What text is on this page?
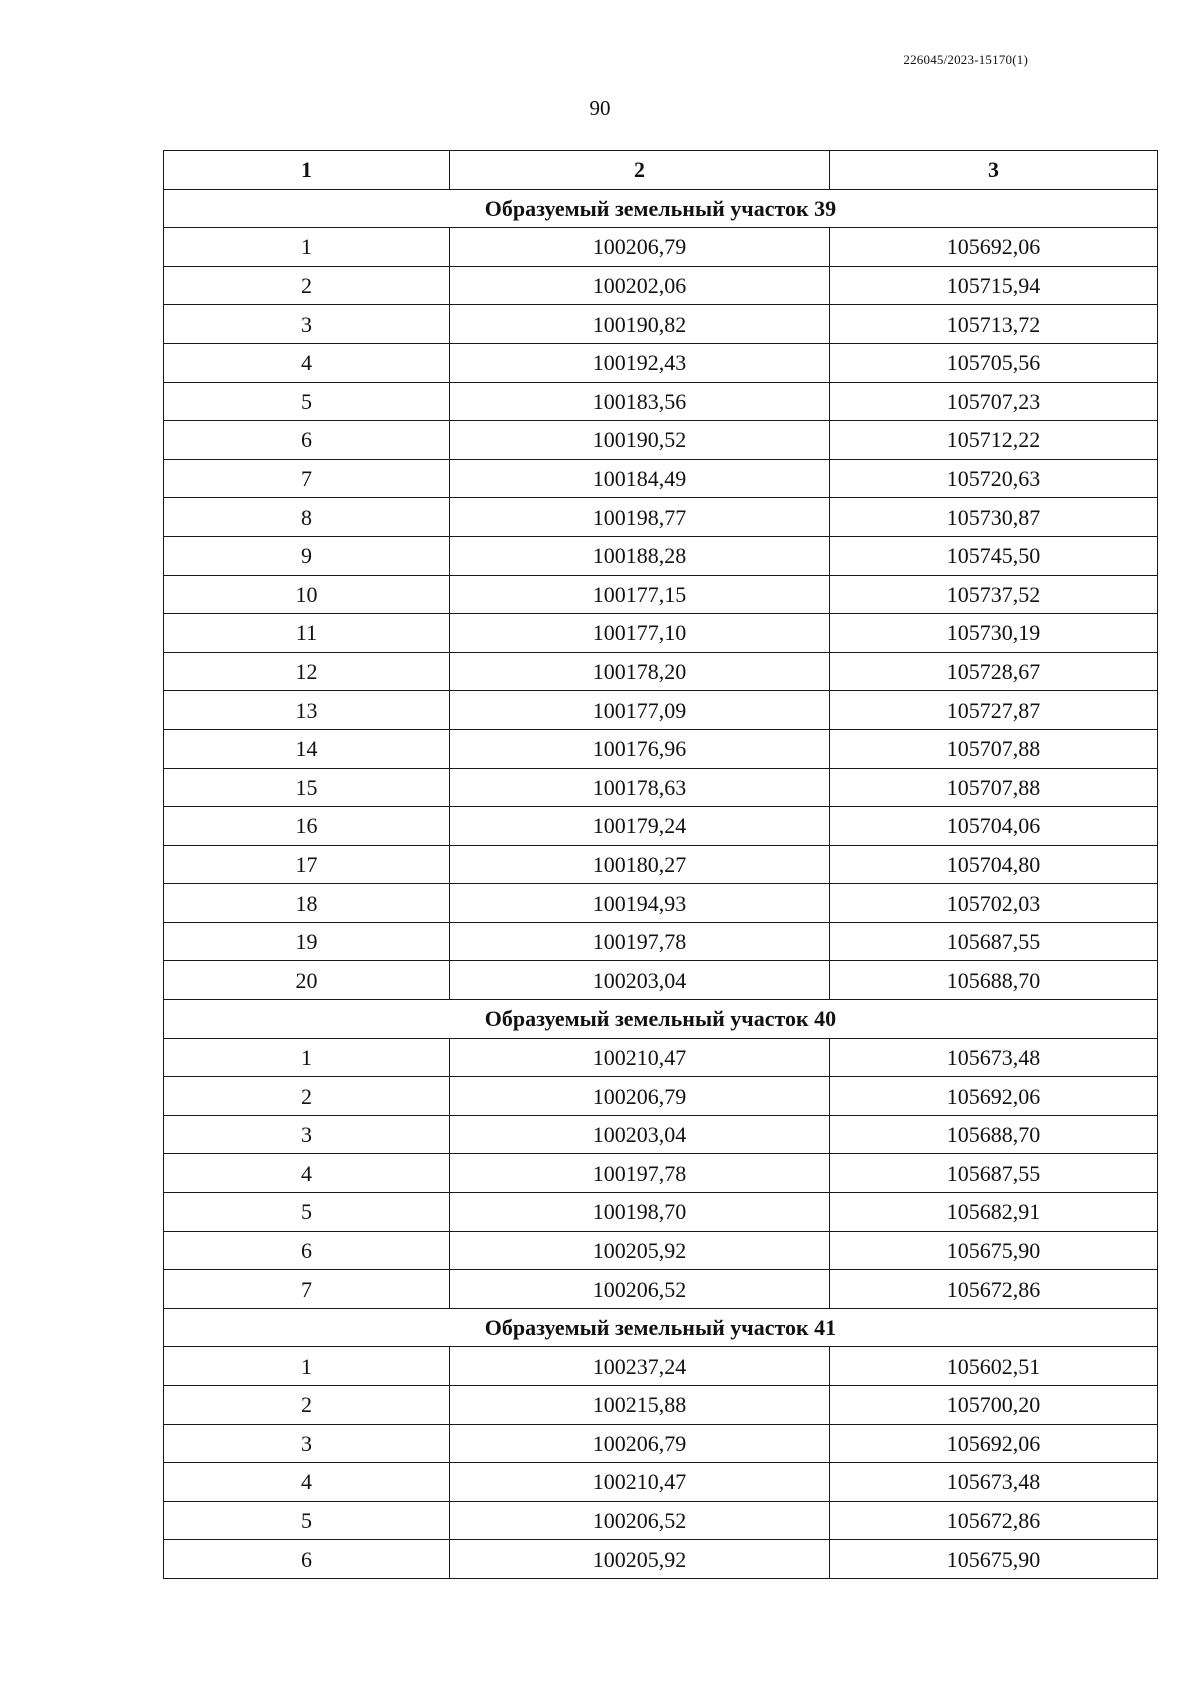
226045/2023-15170(1)
90
1	2	3
Образуемый земельный участок 39		
1	100206,79	105692,06
2	100202,06	105715,94
3	100190,82	105713,72
4	100192,43	105705,56
5	100183,56	105707,23
6	100190,52	105712,22
7	100184,49	105720,63
8	100198,77	105730,87
9	100188,28	105745,50
10	100177,15	105737,52
11	100177,10	105730,19
12	100178,20	105728,67
13	100177,09	105727,87
14	100176,96	105707,88
15	100178,63	105707,88
16	100179,24	105704,06
17	100180,27	105704,80
18	100194,93	105702,03
19	100197,78	105687,55
20	100203,04	105688,70
Образуемый земельный участок 40		
1	100210,47	105673,48
2	100206,79	105692,06
3	100203,04	105688,70
4	100197,78	105687,55
5	100198,70	105682,91
6	100205,92	105675,90
7	100206,52	105672,86
Образуемый земельный участок 41		
1	100237,24	105602,51
2	100215,88	105700,20
3	100206,79	105692,06
4	100210,47	105673,48
5	100206,52	105672,86
6	100205,92	105675,90
